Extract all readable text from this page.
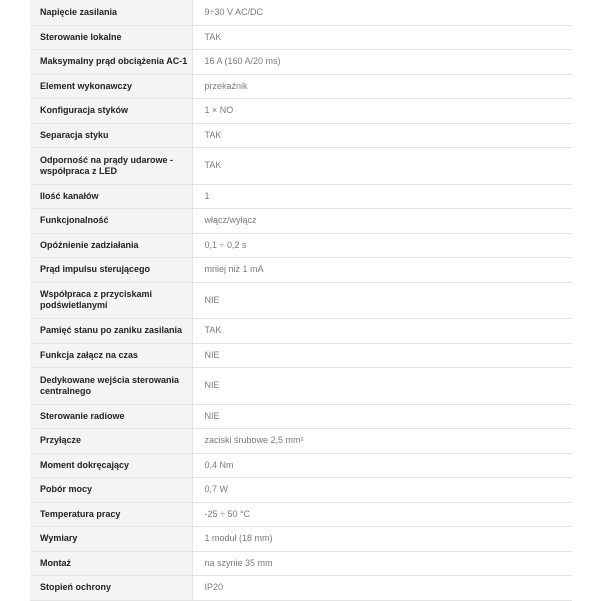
Napięcie zasilania	9÷30 V AC/DC
Sterowanie lokalne	TAK
Maksymalny prąd obciążenia AC-1	16 A (160 A/20 ms)
Element wykonawczy	przekaźnik
Konfiguracja styków	1 × NO
Separacja styku	TAK
Odporność na prądy udarowe - współpraca z LED	TAK
Ilość kanałów	1
Funkcjonalność	włącz/wyłącz
Opóźnienie zadziałania	0,1 ÷ 0,2 s
Prąd impulsu sterującego	mniej niż 1 mA
Współpraca z przyciskami podświetlanymi	NIE
Pamięć stanu po zaniku zasilania	TAK
Funkcja załącz na czas	NIE
Dedykowane wejścia sterowania centralnego	NIE
Sterowanie radiowe	NIE
Przyłącze	zaciski śrubowe 2,5 mm²
Moment dokręcający	0,4 Nm
Pobór mocy	0,7 W
Temperatura pracy	-25 ÷ 50 °C
Wymiary	1 moduł (18 mm)
Montaż	na szynie 35 mm
Stopień ochrony	IP20
